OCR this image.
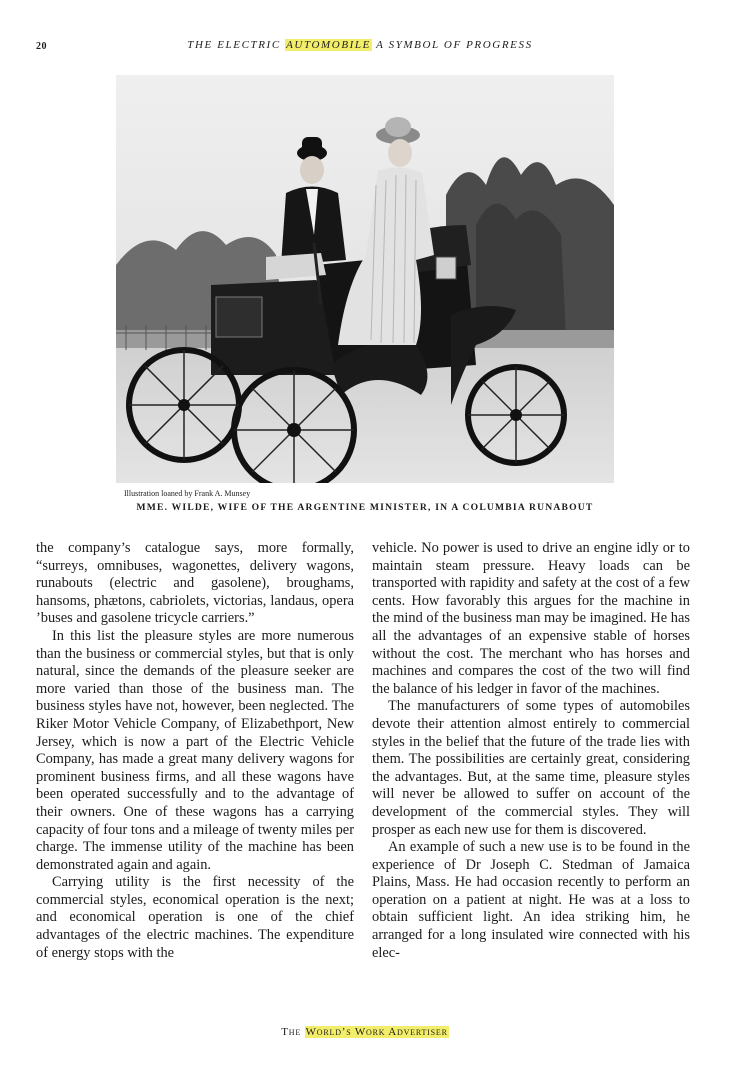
20	THE ELECTRIC AUTOMOBILE A SYMBOL OF PROGRESS
Illustration loaned by Frank A. Munsey
MME. WILDE, WIFE OF THE ARGENTINE MINISTER, IN A COLUMBIA RUNABOUT

the company’s catalogue says, more formally, “surreys, omnibuses, wagonettes, delivery wagons, runabouts (electric and gasolene), broughams, hansoms, phætons, cabriolets, victorias, landaus, opera ’buses and gasolene tricycle carriers.”

In this list the pleasure styles are more numerous than the business or commercial styles, but that is only natural, since the demands of the pleasure seeker are more varied than those of the business man. The business styles have not, however, been neglected. The Riker Motor Vehicle Company, of Elizabethport, New Jersey, which is now a part of the Electric Vehicle Company, has made a great many delivery wagons for prominent business firms, and all these wagons have been operated successfully and to the advantage of their owners. One of these wagons has a carrying capacity of four tons and a mileage of twenty miles per charge. The immense utility of the machine has been demonstrated again and again.

Carrying utility is the first necessity of the commercial styles, economical operation is the next; and economical operation is one of the chief advantages of the electric machines. The expenditure of energy stops with the

vehicle. No power is used to drive an engine idly or to maintain steam pressure. Heavy loads can be transported with rapidity and safety at the cost of a few cents. How favorably this argues for the machine in the mind of the business man may be imagined. He has all the advantages of an expensive stable of horses without the cost. The merchant who has horses and machines and compares the cost of the two will find the balance of his ledger in favor of the machines.

The manufacturers of some types of automobiles devote their attention almost entirely to commercial styles in the belief that the future of the trade lies with them. The possibilities are certainly great, considering the advantages. But, at the same time, pleasure styles will never be allowed to suffer on account of the development of the commercial styles. They will prosper as each new use for them is discovered.

An example of such a new use is to be found in the experience of Dr Joseph C. Stedman of Jamaica Plains, Mass. He had occasion recently to perform an operation on a patient at night. He was at a loss to obtain sufficient light. An idea striking him, he arranged for a long insulated wire connected with his elec-

The World’s Work Advertiser
